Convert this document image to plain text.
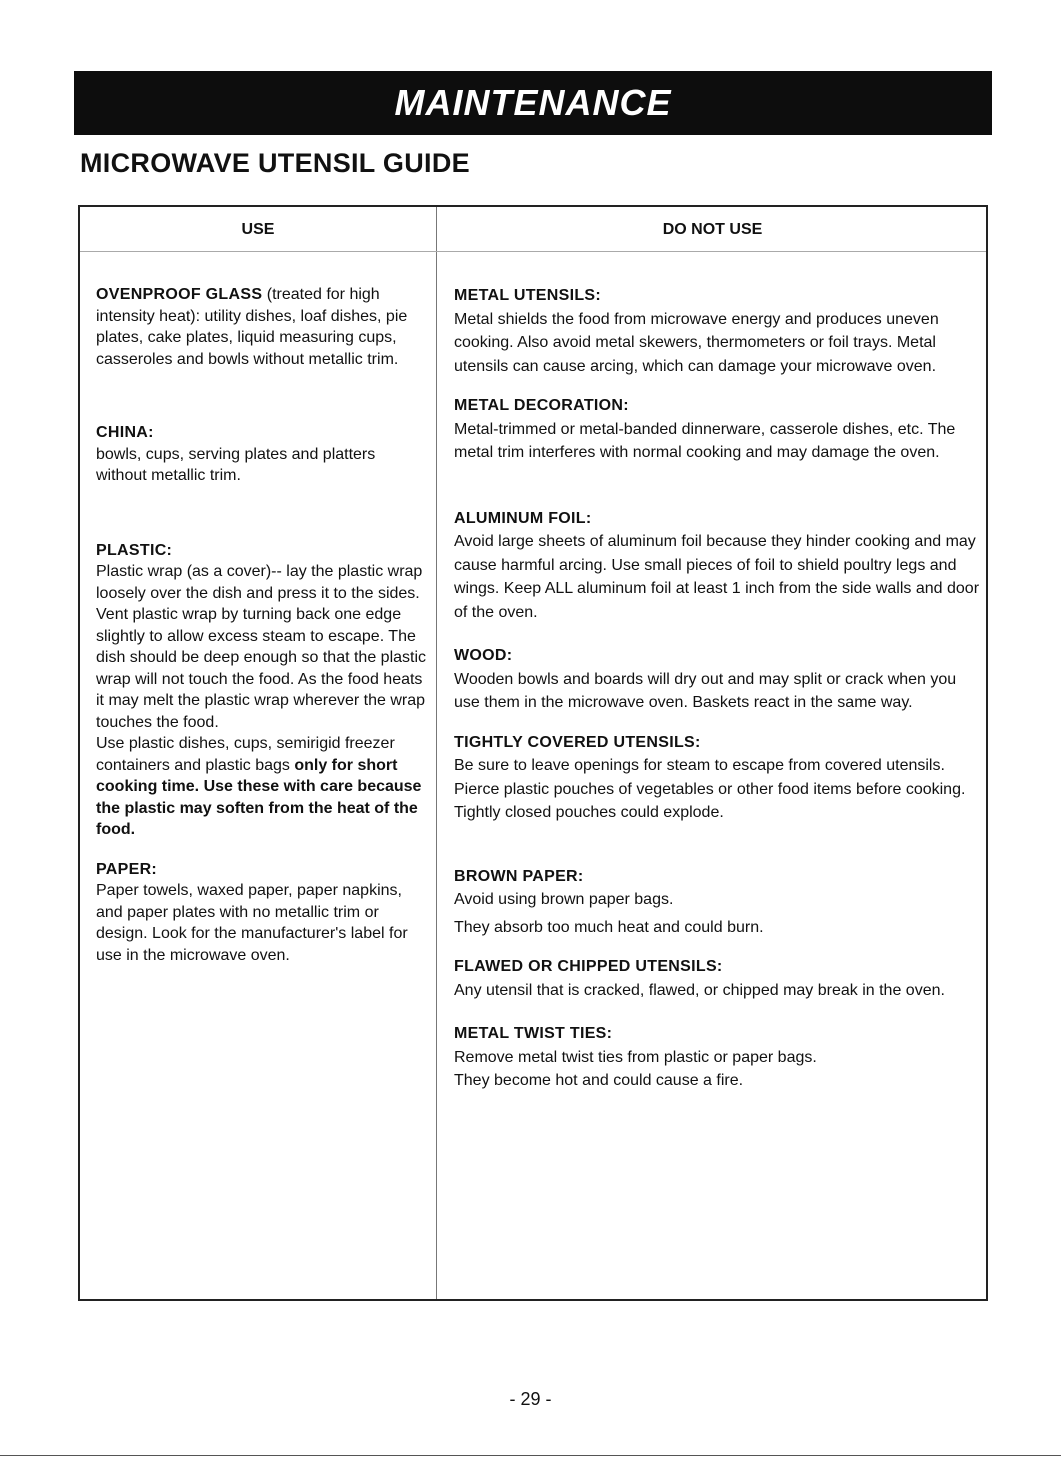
MAINTENANCE
MICROWAVE UTENSIL GUIDE
USE	DO NOT USE
OVENPROOF GLASS (treated for high intensity heat): utility dishes, loaf dishes, pie plates, cake plates, liquid measuring cups, casseroles and bowls without metallic trim.
CHINA:
bowls, cups, serving plates and platters without metallic trim.
PLASTIC:
Plastic wrap (as a cover)-- lay the plastic wrap loosely over the dish and press it to the sides.
Vent plastic wrap by turning back one edge slightly to allow excess steam to escape. The dish should be deep enough so that the plastic wrap will not touch the food. As the food heats it may melt the plastic wrap wherever the wrap touches the food.
Use plastic dishes, cups, semirigid freezer containers and plastic bags only for short cooking time. Use these with care because the plastic may soften from the heat of the food.
PAPER:
Paper towels, waxed paper, paper napkins, and paper plates with no metallic trim or design. Look for the manufacturer's label for use in the microwave oven.
METAL UTENSILS:
Metal shields the food from microwave energy and produces uneven cooking. Also avoid metal skewers, thermometers or foil trays. Metal utensils can cause arcing, which can damage your microwave oven.
METAL DECORATION:
Metal-trimmed or metal-banded dinnerware, casserole dishes, etc. The metal trim interferes with normal cooking and may damage the oven.
ALUMINUM FOIL:
Avoid large sheets of aluminum foil because they hinder cooking and may cause harmful arcing. Use small pieces of foil to shield poultry legs and wings. Keep ALL aluminum foil at least 1 inch from the side walls and door of the oven.
WOOD:
Wooden bowls and boards will dry out and may split or crack when you use them in the microwave oven. Baskets react in the same way.
TIGHTLY COVERED UTENSILS:
Be sure to leave openings for steam to escape from covered utensils. Pierce plastic pouches of vegetables or other food items before cooking. Tightly closed pouches could explode.
BROWN PAPER:
Avoid using brown paper bags.
They absorb too much heat and could burn.
FLAWED OR CHIPPED UTENSILS:
Any utensil that is cracked, flawed, or chipped may break in the oven.
METAL TWIST TIES:
Remove metal twist ties from plastic or paper bags.
They become hot and could cause a fire.
- 29 -
